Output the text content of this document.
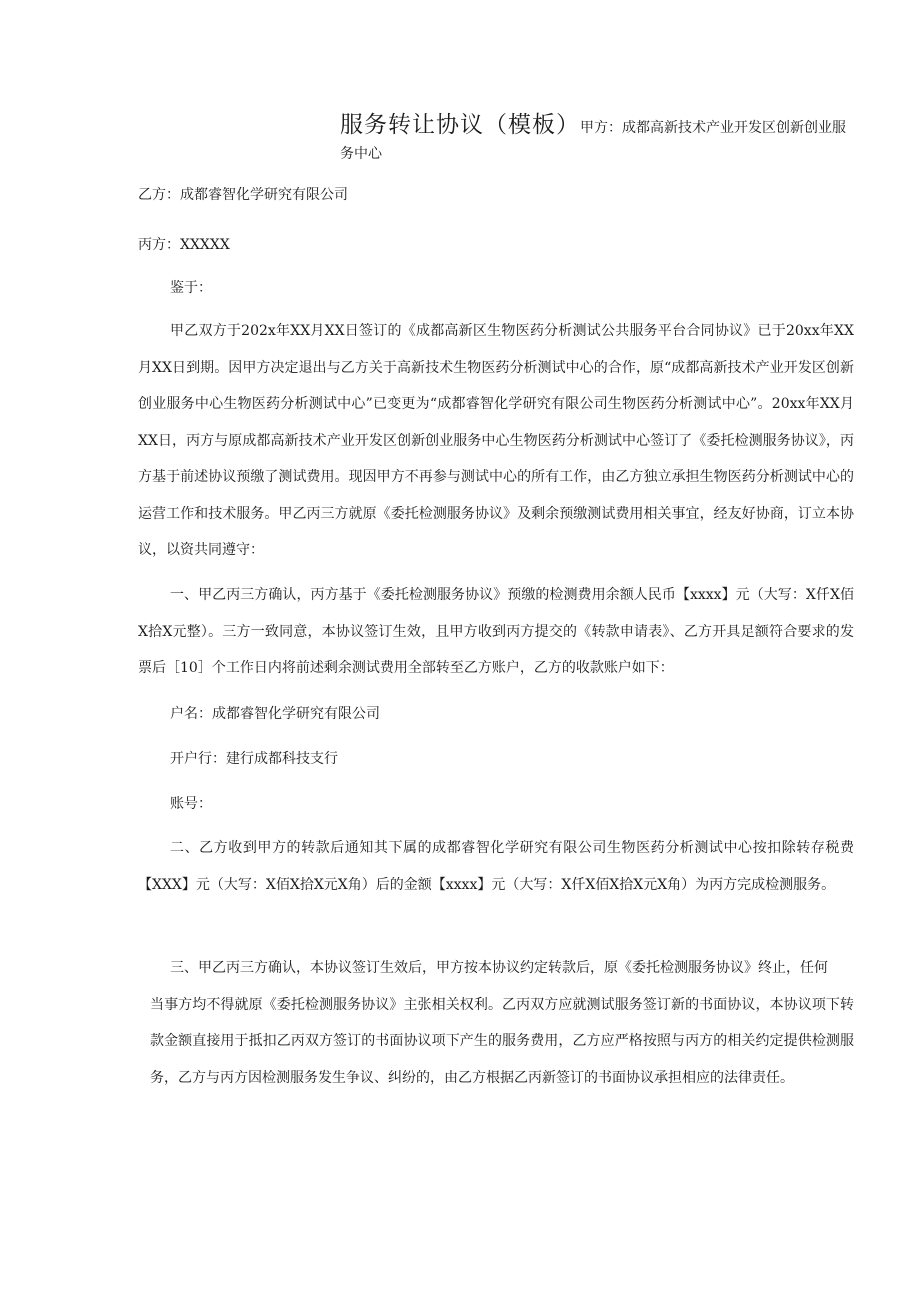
服务转让协议（模板）甲方：成都高新技术产业开发区创新创业服
务中心
乙方：成都睿智化学研究有限公司
丙方：XXXXX
鉴于：
甲乙双方于202x年XX月XX日签订的《成都高新区生物医药分析测试公共服务平台合同协议》已于20xx年XX月XX日到期。因甲方决定退出与乙方关于高新技术生物医药分析测试中心的合作，原“成都高新技术产业开发区创新创业服务中心生物医药分析测试中心”已变更为“成都睿智化学研究有限公司生物医药分析测试中心”。20xx年XX月XX日，丙方与原成都高新技术产业开发区创新创业服务中心生物医药分析测试中心签订了《委托检测服务协议》，丙方基于前述协议预缴了测试费用。现因甲方不再参与测试中心的所有工作，由乙方独立承担生物医药分析测试中心的运营工作和技术服务。甲乙丙三方就原《委托检测服务协议》及剩余预缴测试费用相关事宜，经友好协商，订立本协议，以资共同遵守：
一、甲乙丙三方确认，丙方基于《委托检测服务协议》预缴的检测费用余额人民币【xxxx】元（大写：X仟X佰X拾X元整）。三方一致同意，本协议签订生效，且甲方收到丙方提交的《转款申请表》、乙方开具足额符合要求的发票后［10］个工作日内将前述剩余测试费用全部转至乙方账户，乙方的收款账户如下：
户名：成都睿智化学研究有限公司
开户行：建行成都科技支行
账号：
二、乙方收到甲方的转款后通知其下属的成都睿智化学研究有限公司生物医药分析测试中心按扣除转存税费【XXX】元（大写：X佰X拾X元X角）后的金额【xxxx】元（大写：X仟X佰X拾X元X角）为丙方完成检测服务。
三、甲乙丙三方确认，本协议签订生效后，甲方按本协议约定转款后，原《委托检测服务协议》终止，任何
当事方均不得就原《委托检测服务协议》主张相关权利。乙丙双方应就测试服务签订新的书面协议，本协议项下转款金额直接用于抵扣乙丙双方签订的书面协议项下产生的服务费用，乙方应严格按照与丙方的相关约定提供检测服务，乙方与丙方因检测服务发生争议、纠纷的，由乙方根据乙丙新签订的书面协议承担相应的法律责任。
